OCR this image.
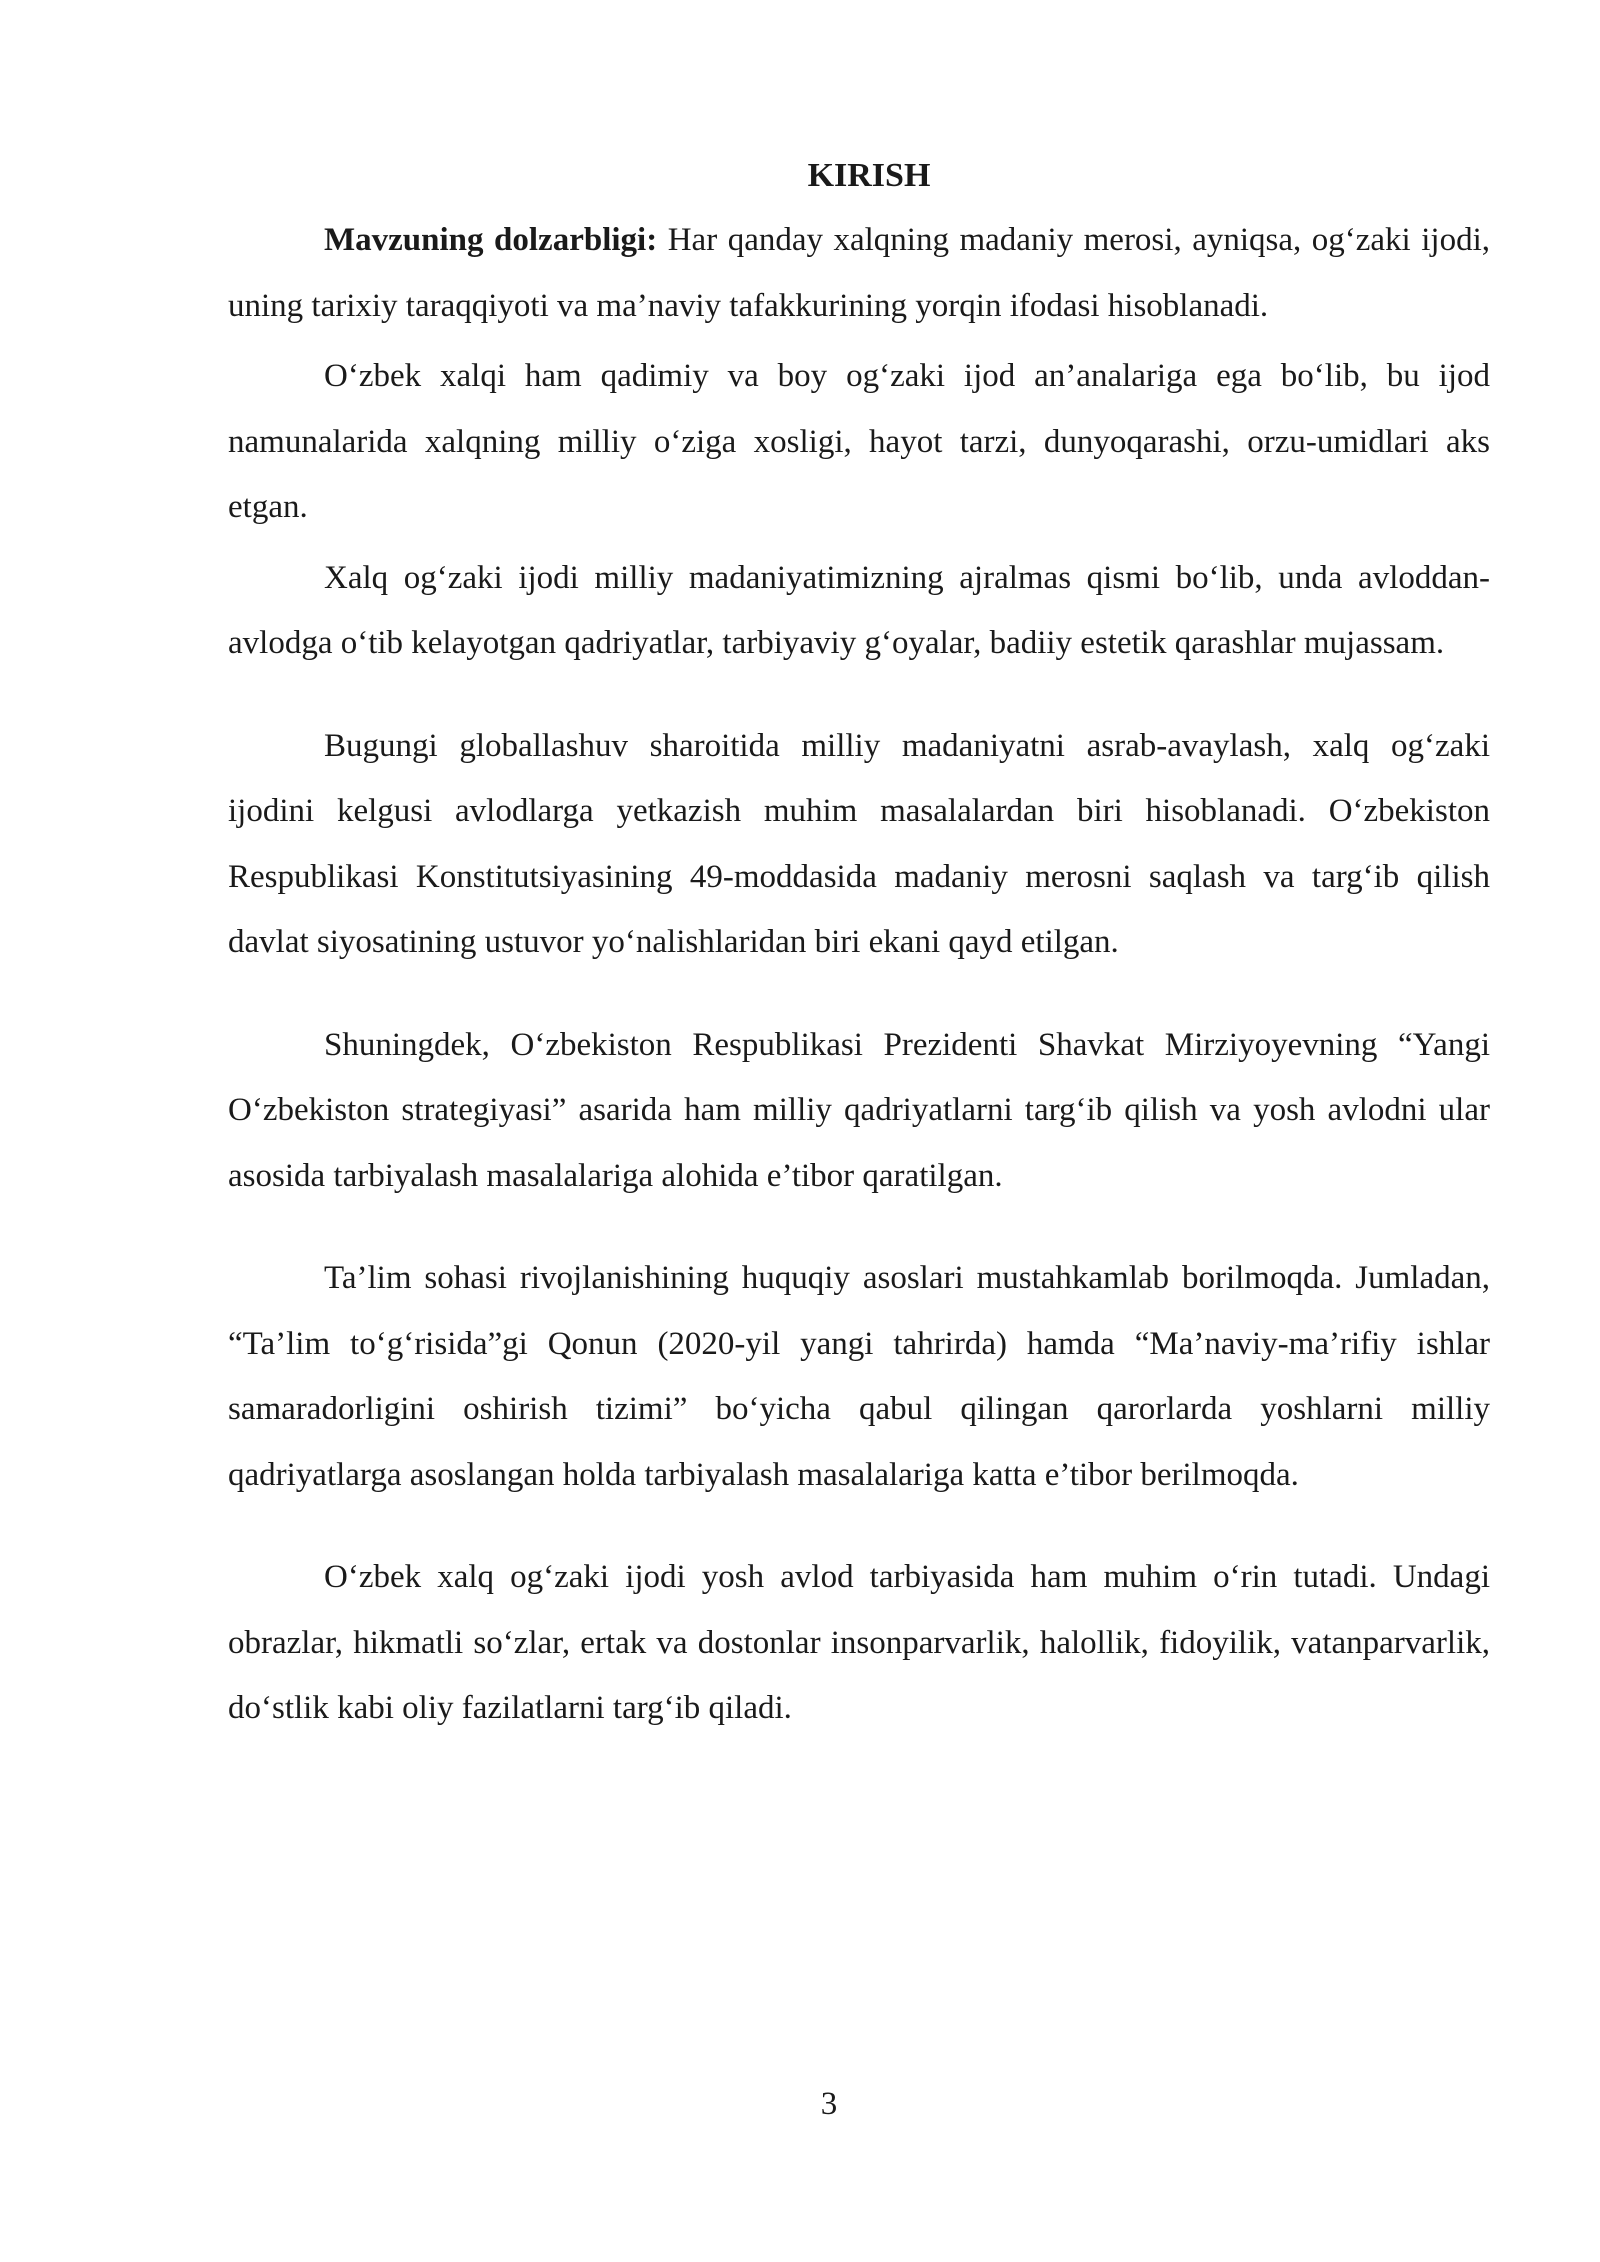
KIRISH

Mavzuning dolzarbligi: Har qanday xalqning madaniy merosi, ayniqsa, og‘zaki ijodi, uning tarixiy taraqqiyoti va ma’naviy tafakkurining yorqin ifodasi hisoblanadi.

O‘zbek xalqi ham qadimiy va boy og‘zaki ijod an’analariga ega bo‘lib, bu ijod namunalarida xalqning milliy o‘ziga xosligi, hayot tarzi, dunyoqarashi, orzu-umidlari aks etgan.

Xalq og‘zaki ijodi milliy madaniyatimizning ajralmas qismi bo‘lib, unda avloddan-avlodga o‘tib kelayotgan qadriyatlar, tarbiyaviy g‘oyalar, badiiy estetik qarashlar mujassam.

Bugungi globallashuv sharoitida milliy madaniyatni asrab-avaylash, xalq og‘zaki ijodini kelgusi avlodlarga yetkazish muhim masalalardan biri hisoblanadi. O‘zbekiston Respublikasi Konstitutsiyasining 49-moddasida madaniy merosni saqlash va targ‘ib qilish davlat siyosatining ustuvor yo‘nalishlaridan biri ekani qayd etilgan.

Shuningdek, O‘zbekiston Respublikasi Prezidenti Shavkat Mirziyoyevning “Yangi O‘zbekiston strategiyasi” asarida ham milliy qadriyatlarni targ‘ib qilish va yosh avlodni ular asosida tarbiyalash masalalariga alohida e’tibor qaratilgan.

Ta’lim sohasi rivojlanishining huquqiy asoslari mustahkamlab borilmoqda. Jumladan, “Ta’lim to‘g‘risida”gi Qonun (2020-yil yangi tahrirda) hamda “Ma’naviy-ma’rifiy ishlar samaradorligini oshirish tizimi” bo‘yicha qabul qilingan qarorlarda yoshlarni milliy qadriyatlarga asoslangan holda tarbiyalash masalalariga katta e’tibor berilmoqda.

O‘zbek xalq og‘zaki ijodi yosh avlod tarbiyasida ham muhim o‘rin tutadi. Undagi obrazlar, hikmatli so‘zlar, ertak va dostonlar insonparvarlik, halollik, fidoyilik, vatanparvarlik, do‘stlik kabi oliy fazilatlarni targ‘ib qiladi.

3
